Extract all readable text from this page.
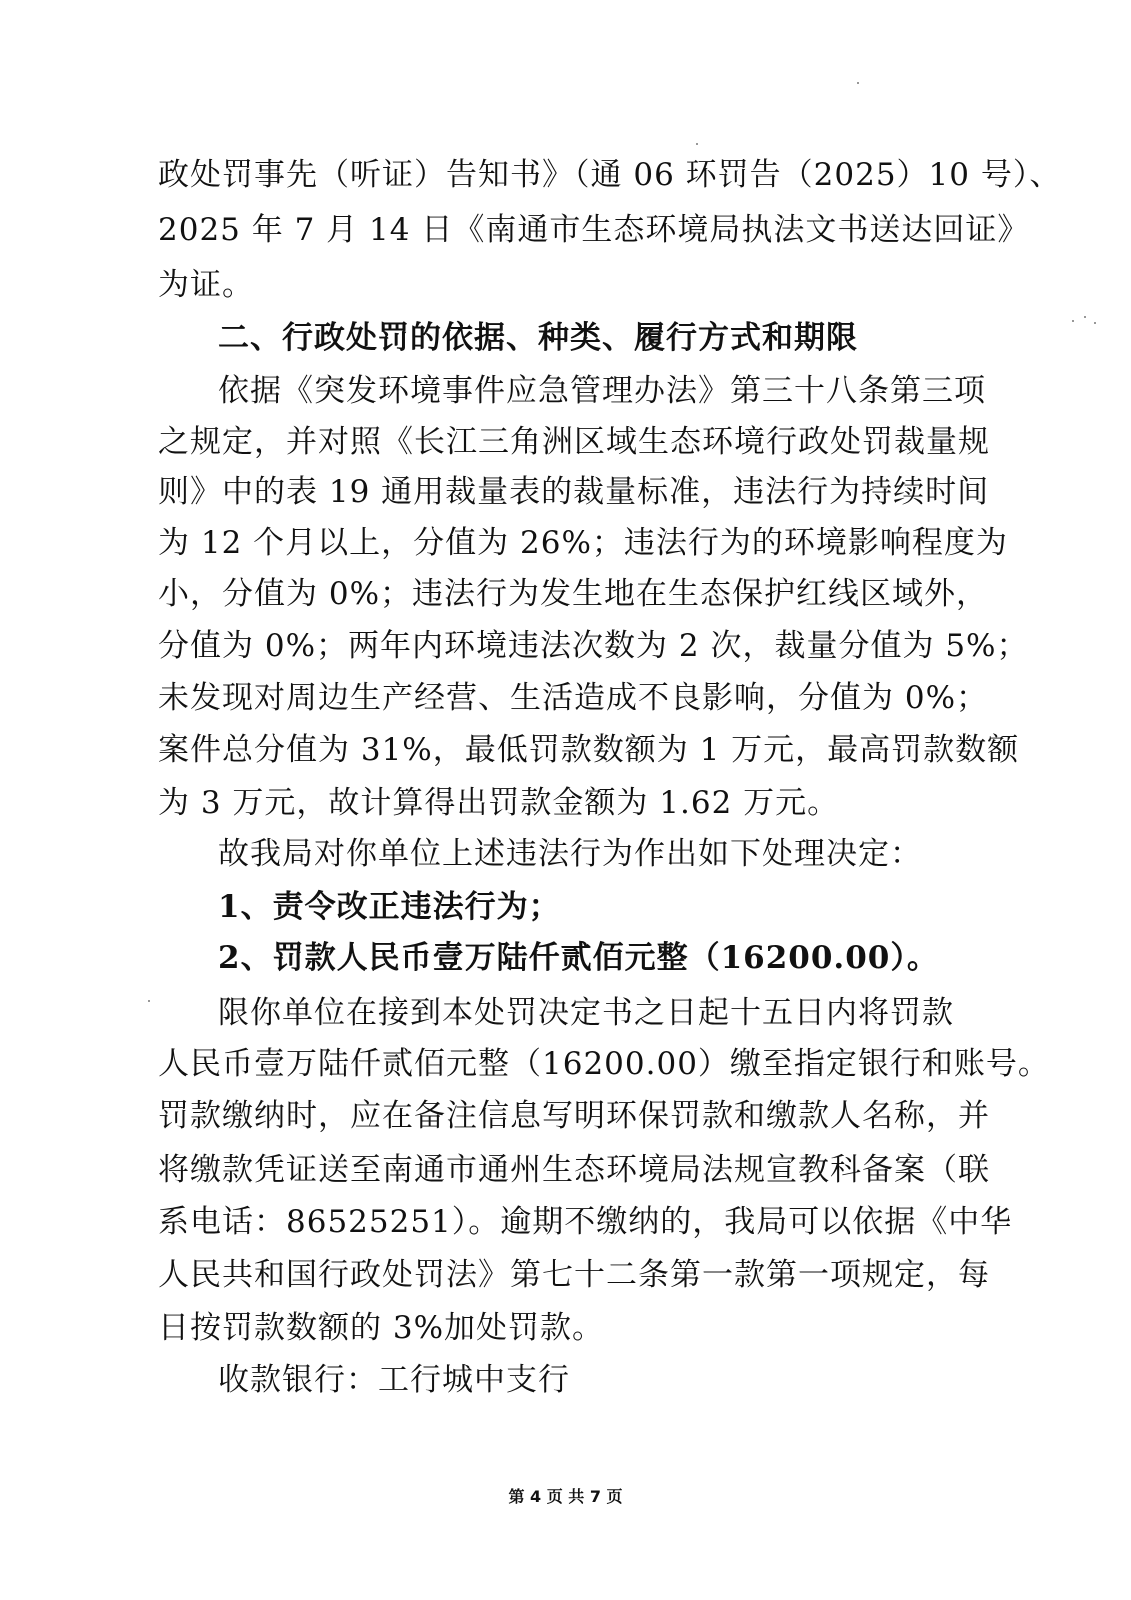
政处罚事先（听证）告知书》（通 06 环罚告（2025）10 号）、
2025 年 7 月 14 日《南通市生态环境局执法文书送达回证》
为证。
二、行政处罚的依据、种类、履行方式和期限
依据《突发环境事件应急管理办法》第三十八条第三项
之规定，并对照《长江三角洲区域生态环境行政处罚裁量规
则》中的表 19 通用裁量表的裁量标准，违法行为持续时间
为 12 个月以上，分值为 26%；违法行为的环境影响程度为
小，分值为 0%；违法行为发生地在生态保护红线区域外，
分值为 0%；两年内环境违法次数为 2 次，裁量分值为 5%；
未发现对周边生产经营、生活造成不良影响，分值为 0%；
案件总分值为 31%，最低罚款数额为 1 万元，最高罚款数额
为 3 万元，故计算得出罚款金额为 1.62 万元。
故我局对你单位上述违法行为作出如下处理决定：
1、责令改正违法行为；
2、罚款人民币壹万陆仟贰佰元整（16200.00）。
限你单位在接到本处罚决定书之日起十五日内将罚款
人民币壹万陆仟贰佰元整（16200.00）缴至指定银行和账号。
罚款缴纳时，应在备注信息写明环保罚款和缴款人名称，并
将缴款凭证送至南通市通州生态环境局法规宣教科备案（联
系电话：86525251）。逾期不缴纳的，我局可以依据《中华
人民共和国行政处罚法》第七十二条第一款第一项规定，每
日按罚款数额的 3%加处罚款。
收款银行：工行城中支行
第 4 页 共 7 页
